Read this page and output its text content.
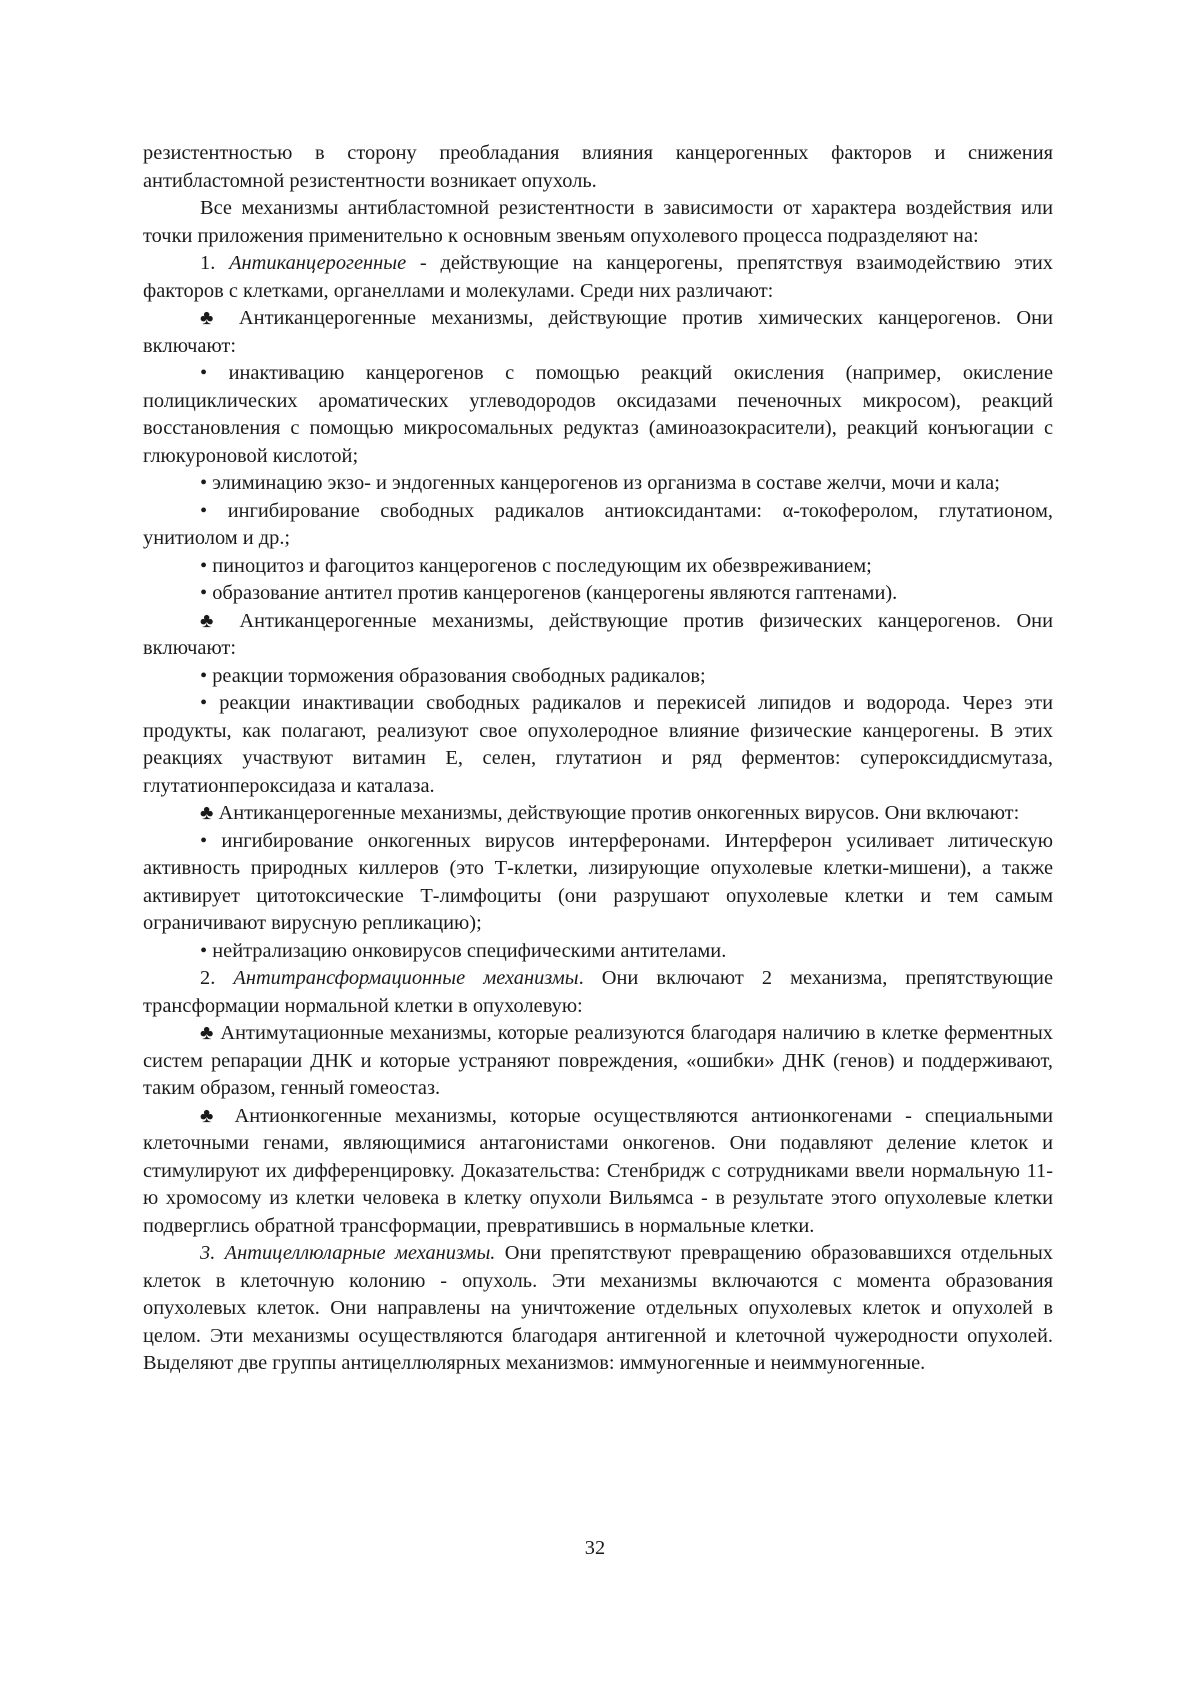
резистентностью в сторону преобладания влияния канцерогенных факторов и снижения антибластомной резистентности возникает опухоль.

Все механизмы антибластомной резистентности в зависимости от характера воздействия или точки приложения применительно к основным звеньям опухолевого процесса подразделяют на:

1. Антиканцерогенные - действующие на канцерогены, препятствуя взаимодействию этих факторов с клетками, органеллами и молекулами. Среди них различают:

♣ Антиканцерогенные механизмы, действующие против химических канцерогенов. Они включают:

• инактивацию канцерогенов с помощью реакций окисления (например, окисление полициклических ароматических углеводородов оксидазами печеночных микросом), реакций восстановления с помощью микросомальных редуктаз (аминоазокрасители), реакций конъюгации с глюкуроновой кислотой;

• элиминацию экзо- и эндогенных канцерогенов из организма в составе желчи, мочи и кала;

• ингибирование свободных радикалов антиоксидантами: α-токоферолом, глутатионом, унитиолом и др.;

• пиноцитоз и фагоцитоз канцерогенов с последующим их обезвреживанием;

• образование антител против канцерогенов (канцерогены являются гаптенами).

♣ Антиканцерогенные механизмы, действующие против физических канцерогенов. Они включают:

• реакции торможения образования свободных радикалов;

• реакции инактивации свободных радикалов и перекисей липидов и водорода. Через эти продукты, как полагают, реализуют свое опухолеродное влияние физические канцерогены. В этих реакциях участвуют витамин Е, селен, глутатион и ряд ферментов: супероксиддисмутаза, глутатионпероксидаза и каталаза.

♣ Антиканцерогенные механизмы, действующие против онкогенных вирусов. Они включают:

• ингибирование онкогенных вирусов интерферонами. Интерферон усиливает литическую активность природных киллеров (это Т-клетки, лизирующие опухолевые клетки-мишени), а также активирует цитотоксические Т-лимфоциты (они разрушают опухолевые клетки и тем самым ограничивают вирусную репликацию);

• нейтрализацию онковирусов специфическими антителами.

2. Антитрансформационные механизмы. Они включают 2 механизма, препятствующие трансформации нормальной клетки в опухолевую:

♣ Антимутационные механизмы, которые реализуются благодаря наличию в клетке ферментных систем репарации ДНК и которые устраняют повреждения, «ошибки» ДНК (генов) и поддерживают, таким образом, генный гомеостаз.

♣ Антионкогенные механизмы, которые осуществляются антионкогенами - специальными клеточными генами, являющимися антагонистами онкогенов. Они подавляют деление клеток и стимулируют их дифференцировку. Доказательства: Стенбридж с сотрудниками ввели нормальную 11-ю хромосому из клетки человека в клетку опухоли Вильямса - в результате этого опухолевые клетки подверглись обратной трансформации, превратившись в нормальные клетки.

3. Антицеллюларные механизмы. Они препятствуют превращению образовавшихся отдельных клеток в клеточную колонию - опухоль. Эти механизмы включаются с момента образования опухолевых клеток. Они направлены на уничтожение отдельных опухолевых клеток и опухолей в целом. Эти механизмы осуществляются благодаря антигенной и клеточной чужеродности опухолей. Выделяют две группы антицеллюлярных механизмов: иммуногенные и неиммуногенные.

32
